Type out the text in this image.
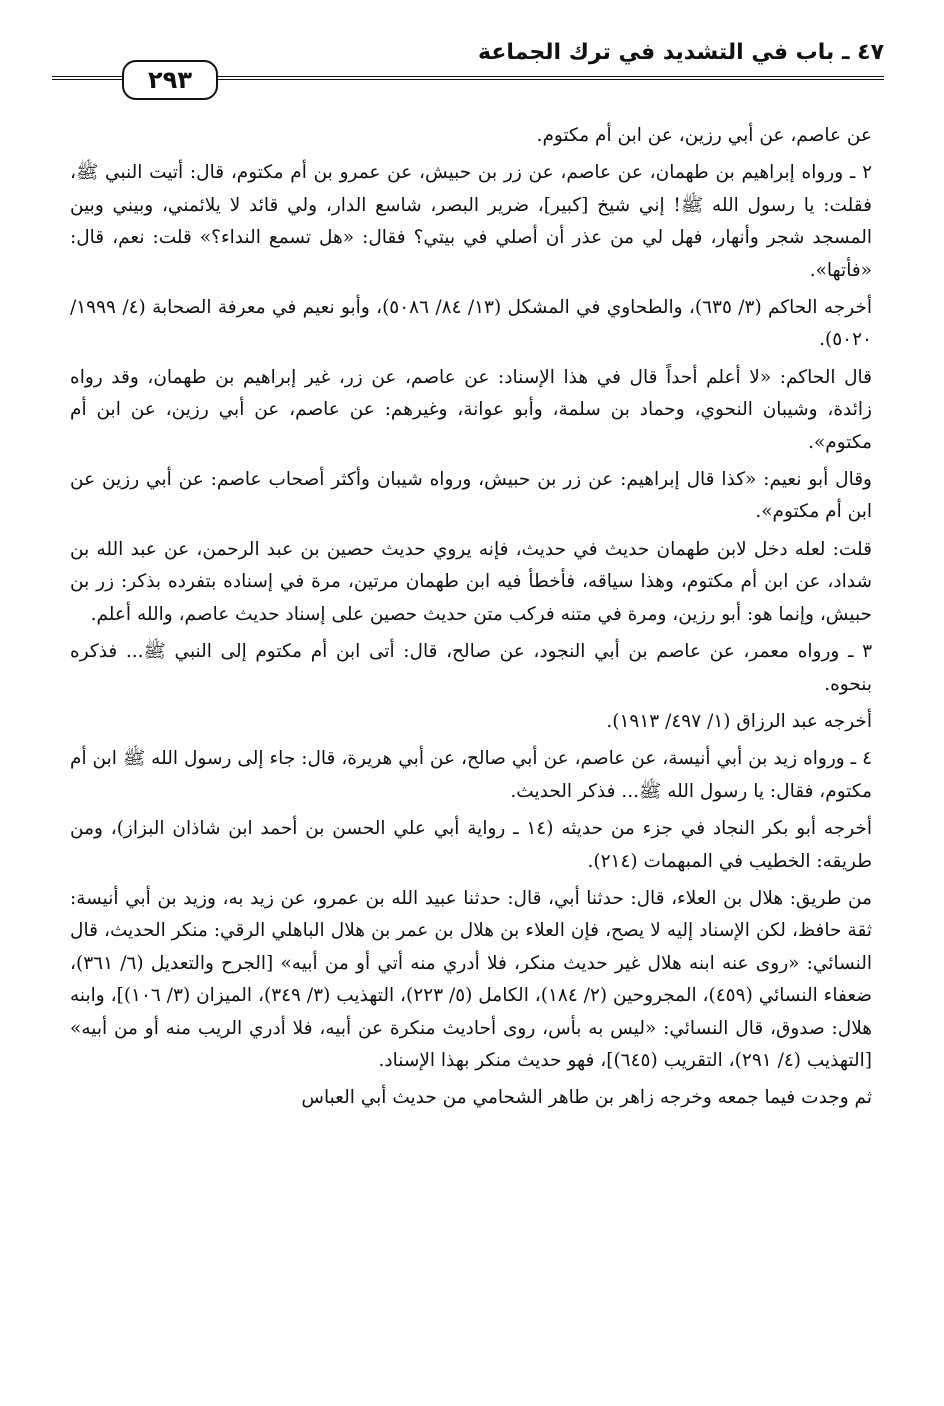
٤٧ ـ باب في التشديد في ترك الجماعة
٢٩٣

عن عاصم، عن أبي رزين، عن ابن أم مكتوم.

٢ ـ ورواه إبراهيم بن طهمان، عن عاصم، عن زر بن حبيش، عن عمرو بن أم مكتوم، قال: أتيت النبي ﷺ، فقلت: يا رسول الله ﷺ! إني شيخ [كبير]، ضرير البصر، شاسع الدار، ولي قائد لا يلائمني، وبيني وبين المسجد شجر وأنهار، فهل لي من عذر أن أصلي في بيتي؟ فقال: «هل تسمع النداء؟» قلت: نعم، قال: «فأتها».

أخرجه الحاكم (٣/ ٦٣٥)، والطحاوي في المشكل (١٣/ ٨٤/ ٥٠٨٦)، وأبو نعيم في معرفة الصحابة (٤/ ١٩٩٩/ ٥٠٢٠).

قال الحاكم: «لا أعلم أحداً قال في هذا الإسناد: عن عاصم، عن زر، غير إبراهيم بن طهمان، وقد رواه زائدة، وشيبان النحوي، وحماد بن سلمة، وأبو عوانة، وغيرهم: عن عاصم، عن أبي رزين، عن ابن أم مكتوم».

وقال أبو نعيم: «كذا قال إبراهيم: عن زر بن حبيش، ورواه شيبان وأكثر أصحاب عاصم: عن أبي رزين عن ابن أم مكتوم».

قلت: لعله دخل لابن طهمان حديث في حديث، فإنه يروي حديث حصين بن عبد الرحمن، عن عبد الله بن شداد، عن ابن أم مكتوم، وهذا سياقه، فأخطأ فيه ابن طهمان مرتين، مرة في إسناده بتفرده بذكر: زر بن حبيش، وإنما هو: أبو رزين، ومرة في متنه فركب متن حديث حصين على إسناد حديث عاصم، والله أعلم.

٣ ـ ورواه معمر، عن عاصم بن أبي النجود، عن صالح، قال: أتى ابن أم مكتوم إلى النبي ﷺ... فذكره بنحوه.

أخرجه عبد الرزاق (١/ ٤٩٧/ ١٩١٣).

٤ ـ ورواه زيد بن أبي أنيسة، عن عاصم، عن أبي صالح، عن أبي هريرة، قال: جاء إلى رسول الله ﷺ ابن أم مكتوم، فقال: يا رسول الله ﷺ... فذكر الحديث.

أخرجه أبو بكر النجاد في جزء من حديثه (١٤ ـ رواية أبي علي الحسن بن أحمد ابن شاذان البزاز)، ومن طريقه: الخطيب في المبهمات (٢١٤).

من طريق: هلال بن العلاء، قال: حدثنا أبي، قال: حدثنا عبيد الله بن عمرو، عن زيد به، وزيد بن أبي أنيسة: ثقة حافظ، لكن الإسناد إليه لا يصح، فإن العلاء بن هلال بن عمر بن هلال الباهلي الرقي: منكر الحديث، قال النسائي: «روى عنه ابنه هلال غير حديث منكر، فلا أدري منه أتي أو من أبيه» [الجرح والتعديل (٦/ ٣٦١)، ضعفاء النسائي (٤٥٩)، المجروحين (٢/ ١٨٤)، الكامل (٥/ ٢٢٣)، التهذيب (٣/ ٣٤٩)، الميزان (٣/ ١٠٦)]، وابنه هلال: صدوق، قال النسائي: «ليس به بأس، روى أحاديث منكرة عن أبيه، فلا أدري الريب منه أو من أبيه» [التهذيب (٤/ ٢٩١)، التقريب (٦٤٥)]، فهو حديث منكر بهذا الإسناد.

ثم وجدت فيما جمعه وخرجه زاهر بن طاهر الشحامي من حديث أبي العباس
